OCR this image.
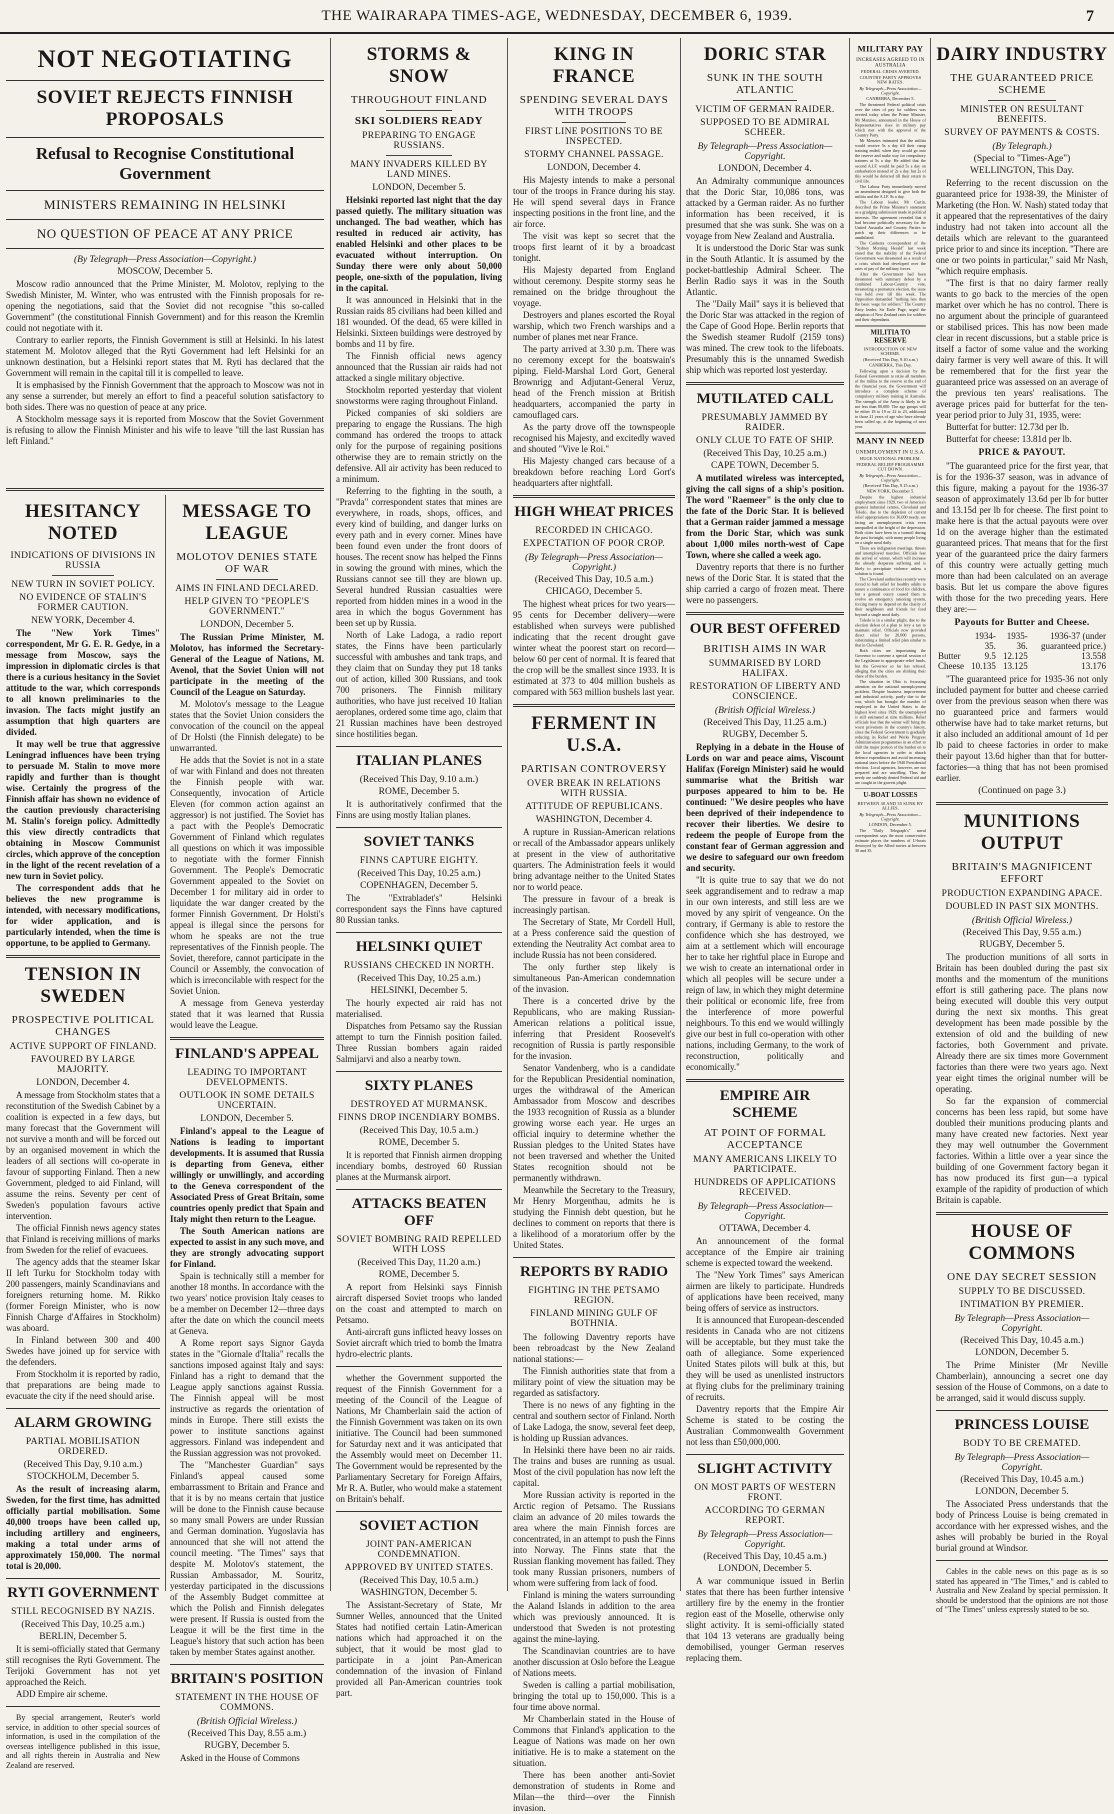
THE WAIRARAPA TIMES-AGE, WEDNESDAY, DECEMBER 6, 1939.	7
NOT NEGOTIATING
SOVIET REJECTS FINNISH PROPOSALS
Refusal to Recognise Constitutional Government
MINISTERS REMAINING IN HELSINKI
NO QUESTION OF PEACE AT ANY PRICE
(By Telegraph—Press Association—Copyright.)
MOSCOW, December 5.

Moscow radio announced that the Prime Minister, M. Molotov, replying to the Swedish Minister, M. Winter, who was entrusted with the Finnish proposals for re-opening the negotiations, said that the Soviet did not recognise "this so-called Government" (the constitutional Finnish Government) and for this reason the Kremlin could not negotiate with it.

Contrary to earlier reports, the Finnish Government is still at Helsinki. In his latest statement M. Molotov alleged that the Ryti Government had left Helsinki for an unknown destination, but a Helsinki report states that M. Ryti has declared that the Government will remain in the capital till it is compelled to leave.

It is emphasised by the Finnish Government that the approach to Moscow was not in any sense a surrender, but merely an effort to find a peaceful solution satisfactory to both sides. There was no question of peace at any price.

A Stockholm message says it is reported from Moscow that the Soviet Government is refusing to allow the Finnish Minister and his wife to leave "till the last Russian has left Finland."

HESITANCY NOTED
INDICATIONS OF DIVISIONS IN RUSSIA
NEW TURN IN SOVIET POLICY.
NO EVIDENCE OF STALIN'S FORMER CAUTION.
NEW YORK, December 4.

The "New York Times" correspondent, Mr G. E. R. Gedye, in a message from Moscow, says the impression in diplomatic circles is that there is a curious hesitancy in the Soviet attitude to the war, which corresponds to all known preliminaries to the invasion. The facts might justify an assumption that high quarters are divided.

It may well be true that aggressive Leningrad influences have been trying to persuade M. Stalin to move more rapidly and further than is thought wise. Certainly the progress of the Finnish affair has shown no evidence of the caution previously characterising M. Stalin's foreign policy. Admittedly this view directly contradicts that obtaining in Moscow Communist circles, which approve of the conception in the light of the recent revelation of a new turn in Soviet policy.

The correspondent adds that he believes the new programme is intended, with necessary modifications, for wider application, and is particularly intended, when the time is opportune, to be applied to Germany.

TENSION IN SWEDEN
PROSPECTIVE POLITICAL CHANGES
ACTIVE SUPPORT OF FINLAND.
FAVOURED BY LARGE MAJORITY.
LONDON, December 4.

A message from Stockholm states that a reconstitution of the Swedish Cabinet by a coalition is expected in a few days, but many forecast that the Government will not survive a month and will be forced out by an organised movement in which the leaders of all sections will co-operate in favour of supporting Finland. Then a new Government, pledged to aid Finland, will assume the reins. Seventy per cent of Sweden's population favours active intervention.

The official Finnish news agency states that Finland is receiving millions of marks from Sweden for the relief of evacuees.

The agency adds that the steamer Iskar II left Turku for Stockholm today with 200 passengers, mainly Scandinavians and foreigners returning home. M. Rikko (former Foreign Minister, who is now Finnish Charge d'Affaires in Stockholm) was aboard.

In Finland between 300 and 400 Swedes have joined up for service with the defenders.

From Stockholm it is reported by radio, that preparations are being made to evacuate the city if the need should arise.

ALARM GROWING
PARTIAL MOBILISATION ORDERED.
(Received This Day, 9.10 a.m.)
STOCKHOLM, December 5.

As the result of increasing alarm, Sweden, for the first time, has admitted officially partial mobilisation. Some 40,000 troops have been called up, including artillery and engineers, making a total under arms of approximately 150,000. The normal total is 20,000.

RYTI GOVERNMENT
STILL RECOGNISED BY NAZIS.
(Received This Day, 10.25 a.m.)
BERLIN, December 5.

It is semi-officially stated that Germany still recognises the Ryti Government. The Terijoki Government has not yet approached the Reich.

ADD Empire air scheme.

By special arrangement, Reuter's world service, in addition to other special sources of information, is used in the compilation of the overseas intelligence published in this issue, and all rights therein in Australia and New Zealand are reserved.

MESSAGE TO LEAGUE
MOLOTOV DENIES STATE OF WAR
AIMS IN FINLAND DECLARED.
HELP GIVEN TO "PEOPLE'S GOVERNMENT."
LONDON, December 5.

The Russian Prime Minister, M. Molotov, has informed the Secretary-General of the League of Nations, M. Avenol, that the Soviet Union will not participate in the meeting of the Council of the League on Saturday.

M. Molotov's message to the League states that the Soviet Union considers the convocation of the council on the appeal of Dr Holsti (the Finnish delegate) to be unwarranted.

He adds that the Soviet is not in a state of war with Finland and does not threaten the Finnish people with war. Consequently, invocation of Article Eleven (for common action against an aggressor) is not justified. The Soviet has a pact with the People's Democratic Government of Finland which regulates all questions on which it was impossible to negotiate with the former Finnish Government. The People's Democratic Government appealed to the Soviet on December 1 for military aid in order to liquidate the war danger created by the former Finnish Government. Dr Holsti's appeal is illegal since the persons for whom he speaks are not the true representatives of the Finnish people. The Soviet, therefore, cannot participate in the Council or Assembly, the convocation of which is irreconcilable with respect for the Soviet Union.

A message from Geneva yesterday stated that it was learned that Russia would leave the League.

FINLAND'S APPEAL
LEADING TO IMPORTANT DEVELOPMENTS.
OUTLOOK IN SOME DETAILS UNCERTAIN.
LONDON, December 5.

Finland's appeal to the League of Nations is leading to important developments. It is assumed that Russia is departing from Geneva, either willingly or unwillingly, and according to the Geneva correspondent of the Associated Press of Great Britain, some countries openly predict that Spain and Italy might then return to the League.

The South American nations are expected to assist in any such move, and they are strongly advocating support for Finland.

Spain is technically still a member for another 18 months. In accordance with the two years' notice provision Italy ceases to be a member on December 12—three days after the date on which the council meets at Geneva.

A Rome report says Signor Gayda states in the "Giornale d'Italia" recalls the sanctions imposed against Italy and says: Finland has a right to demand that the League apply sanctions against Russia. The Finnish appeal will be most instructive as regards the orientation of minds in Europe. There still exists the power to institute sanctions against aggressors. Finland was independent and the Russian aggression was not provoked.

The "Manchester Guardian" says Finland's appeal caused some embarrassment to Britain and France and that it is by no means certain that justice will be done to the Finnish cause because so many small Powers are under Russian and German domination. Yugoslavia has announced that she will not attend the council meeting. "The Times" says that despite M. Molotov's statement, the Russian Ambassador, M. Souritz, yesterday participated in the discussions of the Assembly Budget committee at which the Polish and Finnish delegates were present. If Russia is ousted from the League it will be the first time in the League's history that such action has been taken by member States against another.

BRITAIN'S POSITION
STATEMENT IN THE HOUSE OF COMMONS.
(British Official Wireless.)
(Received This Day, 8.55 a.m.)
RUGBY, December 5.

Asked in the House of Commons

STORMS & SNOW
THROUGHOUT FINLAND
SKI SOLDIERS READY
PREPARING TO ENGAGE RUSSIANS.
MANY INVADERS KILLED BY LAND MINES.
LONDON, December 5.

Helsinki reported last night that the day passed quietly. The military situation was unchanged. The bad weather, which has resulted in reduced air activity, has enabled Helsinki and other places to be evacuated without interruption. On Sunday there were only about 50,000 people, one-sixth of the population, living in the capital.

It was announced in Helsinki that in the Russian raids 85 civilians had been killed and 181 wounded. Of the dead, 65 were killed in Helsinki. Sixteen buildings were destroyed by bombs and 11 by fire.

The Finnish official news agency announced that the Russian air raids had not attacked a single military objective.

Stockholm reported yesterday that violent snowstorms were raging throughout Finland.

Picked companies of ski soldiers are preparing to engage the Russians. The high command has ordered the troops to attack only for the purpose of regaining positions otherwise they are to remain strictly on the defensive. All air activity has been reduced to a minimum.

Referring to the fighting in the south, a "Pravda" correspondent states that mines are everywhere, in roads, shops, offices, and every kind of building, and danger lurks on every path and in every corner. Mines have been found even under the front doors of houses. The recent snow has helped the Finns in sowing the ground with mines, which the Russians cannot see till they are blown up. Several hundred Russian casualties were reported from hidden mines in a wood in the area in which the bogus Government has been set up by Russia.

North of Lake Ladoga, a radio report states, the Finns have been particularly successful with ambushes and tank traps, and they claim that on Sunday they put 18 tanks out of action, killed 300 Russians, and took 700 prisoners. The Finnish military authorities, who have just received 10 Italian aeroplanes, ordered some time ago, claim that 21 Russian machines have been destroyed since hostilities began.

ITALIAN PLANES
(Received This Day, 9.10 a.m.)
ROME, December 5.

It is authoritatively confirmed that the Finns are using mostly Italian planes.

SOVIET TANKS
FINNS CAPTURE EIGHTY.
(Received This Day, 10.25 a.m.)
COPENHAGEN, December 5.

The "Extrabladet's" Helsinki correspondent says the Finns have captured 80 Russian tanks.

HELSINKI QUIET
RUSSIANS CHECKED IN NORTH.
(Received This Day, 10.25 a.m.)
HELSINKI, December 5.

The hourly expected air raid has not materialised.

Dispatches from Petsamo say the Russian attempt to turn the Finnish position failed. Three Russian bombers again raided Salmijarvi and also a nearby town.

SIXTY PLANES
DESTROYED AT MURMANSK.
FINNS DROP INCENDIARY BOMBS.
(Received This Day, 10.5 a.m.)
ROME, December 5.

It is reported that Finnish airmen dropping incendiary bombs, destroyed 60 Russian planes at the Murmansk airport.

ATTACKS BEATEN OFF
SOVIET BOMBING RAID REPELLED WITH LOSS
(Received This Day, 11.20 a.m.)
ROME, December 5.

A report from Helsinki says Finnish aircraft dispersed Soviet troops who landed on the coast and attempted to march on Petsamo.

Anti-aircraft guns inflicted heavy losses on Soviet aircraft which tried to bomb the Imatra hydro-electric plants.

whether the Government supported the request of the Finnish Government for a meeting of the Council of the League of Nations, Mr Chamberlain said the action of the Finnish Government was taken on its own initiative. The Council had been summoned for Saturday next and it was anticipated that the Assembly would meet on December 11. The Government would be represented by the Parliamentary Secretary for Foreign Affairs, Mr R. A. Butler, who would make a statement on Britain's behalf.

SOVIET ACTION
JOINT PAN-AMERICAN CONDEMNATION.
APPROVED BY UNITED STATES.
(Received This Day, 10.5 a.m.)
WASHINGTON, December 5.

The Assistant-Secretary of State, Mr Sumner Welles, announced that the United States had notified certain Latin-American nations which had approached it on the subject, that it would be most glad to participate in a joint Pan-American condemnation of the invasion of Finland provided all Pan-American countries took part.

KING IN FRANCE
SPENDING SEVERAL DAYS WITH TROOPS
FIRST LINE POSITIONS TO BE INSPECTED.
STORMY CHANNEL PASSAGE.
LONDON, December 4.

His Majesty intends to make a personal tour of the troops in France during his stay. He will spend several days in France inspecting positions in the front line, and the air force.

The visit was kept so secret that the troops first learnt of it by a broadcast tonight.

His Majesty departed from England without ceremony. Despite stormy seas he remained on the bridge throughout the voyage.

Destroyers and planes escorted the Royal warship, which two French warships and a number of planes met near France.

The party arrived at 3.30 p.m. There was no ceremony except for the boatswain's piping. Field-Marshal Lord Gort, General Brownrigg and Adjutant-General Veruz, head of the French mission at British headquarters, accompanied the party in camouflaged cars.

As the party drove off the townspeople recognised his Majesty, and excitedly waved and shouted "Vive le Roi."

His Majesty changed cars because of a breakdown before reaching Lord Gort's headquarters after nightfall.

HIGH WHEAT PRICES
RECORDED IN CHICAGO.
EXPECTATION OF POOR CROP.
(By Telegraph—Press Association—Copyright.)
(Received This Day, 10.5 a.m.)
CHICAGO, December 5.

The highest wheat prices for two years—95 cents for December delivery—were established when surveys were published indicating that the recent drought gave winter wheat the poorest start on record—below 60 per cent of normal. It is feared that the crop will be the smallest since 1933. It is estimated at 373 to 404 million bushels as compared with 563 million bushels last year.

FERMENT IN U.S.A.
PARTISAN CONTROVERSY
OVER BREAK IN RELATIONS WITH RUSSIA.
ATTITUDE OF REPUBLICANS.
WASHINGTON, December 4.

A rupture in Russian-American relations or recall of the Ambassador appears unlikely at present in the view of authoritative quarters. The Administration feels it would bring advantage neither to the United States nor to world peace.

The pressure in favour of a break is increasingly partisan.

The Secretary of State, Mr Cordell Hull, at a Press conference said the question of extending the Neutrality Act combat area to include Russia has not been considered.

The only further step likely is simultaneous Pan-American condemnation of the invasion.

There is a concerted drive by the Republicans, who are making Russian-American relations a political issue, inferring that President Roosevelt's recognition of Russia is partly responsible for the invasion.

Senator Vandenberg, who is a candidate for the Republican Presidential nomination, urges the withdrawal of the American Ambassador from Moscow and describes the 1933 recognition of Russia as a blunder growing worse each year. He urges an official inquiry to determine whether the Russian pledges to the United States have not been traversed and whether the United States recognition should not be permanently withdrawn.

Meanwhile the Secretary to the Treasury, Mr Henry Morgenthau, admits he is studying the Finnish debt question, but he declines to comment on reports that there is a likelihood of a moratorium offer by the United States.

REPORTS BY RADIO
FIGHTING IN THE PETSAMO REGION.
FINLAND MINING GULF OF BOTHNIA.

The following Daventry reports have been rebroadcast by the New Zealand national stations:—

The Finnish authorities state that from a military point of view the situation may be regarded as satisfactory.

There is no news of any fighting in the central and southern sector of Finland. North of Lake Ladoga, the snow, several feet deep, is holding up Russian advances.

In Helsinki there have been no air raids. The trains and buses are running as usual. Most of the civil population has now left the capital.

More Russian activity is reported in the Arctic region of Petsamo. The Russians claim an advance of 20 miles towards the area where the main Finnish forces are concentrated, in an attempt to push the Finns into Norway. The Finns state that the Russian flanking movement has failed. They took many Russian prisoners, numbers of whom were suffering from lack of food.

Finland is mining the waters surrounding the Aaland Islands in addition to the area which was previously announced. It is understood that Sweden is not protesting against the mine-laying.

The Scandinavian countries are to have another discussion at Oslo before the League of Nations meets.

Sweden is calling a partial mobilisation, bringing the total up to 150,000. This is a four time above normal.

Mr Chamberlain stated in the House of Commons that Finland's application to the League of Nations was made on her own initiative. He is to make a statement on the situation.

There has been another anti-Soviet demonstration of students in Rome and Milan—the third—over the Finnish invasion.

DORIC STAR
SUNK IN THE SOUTH ATLANTIC
VICTIM OF GERMAN RAIDER.
SUPPOSED TO BE ADMIRAL SCHEER.
By Telegraph—Press Association—Copyright.
LONDON, December 4.

An Admiralty communique announces that the Doric Star, 10,086 tons, was attacked by a German raider. As no further information has been received, it is presumed that she was sunk. She was on a voyage from New Zealand and Australia.

It is understood the Doric Star was sunk in the South Atlantic. It is assumed by the pocket-battleship Admiral Scheer. The Berlin Radio says it was in the South Atlantic.

The "Daily Mail" says it is believed that the Doric Star was attacked in the region of the Cape of Good Hope. Berlin reports that the Swedish steamer Rudolf (2159 tons) was mined. The crew took to the lifeboats. Presumably this is the unnamed Swedish ship which was reported lost yesterday.

MUTILATED CALL
PRESUMABLY JAMMED BY RAIDER.
ONLY CLUE TO FATE OF SHIP.
(Received This Day, 10.25 a.m.)
CAPE TOWN, December 5.

A mutilated wireless was intercepted, giving the call signs of a ship's position. The word "Raemeer" is the only clue to the fate of the Doric Star. It is believed that a German raider jammed a message from the Doric Star, which was sunk about 1,000 miles north-west of Cape Town, where she called a week ago.

Daventry reports that there is no further news of the Doric Star. It is stated that the ship carried a cargo of frozen meat. There were no passengers.

OUR BEST OFFERED
BRITISH AIMS IN WAR
SUMMARISED BY LORD HALIFAX.
RESTORATION OF LIBERTY AND CONSCIENCE.
(British Official Wireless.)
(Received This Day, 11.25 a.m.)
RUGBY, December 5.

Replying in a debate in the House of Lords on war and peace aims, Viscount Halifax (Foreign Minister) said he would summarise what the British war purposes appeared to him to be. He continued: "We desire peoples who have been deprived of their independence to recover their liberties. We desire to redeem the people of Europe from the constant fear of German aggression and we desire to safeguard our own freedom and security.

"It is quite true to say that we do not seek aggrandisement and to redraw a map in our own interests, and still less are we moved by any spirit of vengeance. On the contrary, if Germany is able to restore the confidence which she has destroyed, we aim at a settlement which will encourage her to take her rightful place in Europe and we wish to create an international order in which all peoples will be secure under a reign of law, in which they might determine their political or economic life, free from the interference of more powerful neighbours. To this end we would willingly give our best in full co-operation with other nations, including Germany, to the work of reconstruction, politically and economically."

EMPIRE AIR SCHEME
AT POINT OF FORMAL ACCEPTANCE
MANY AMERICANS LIKELY TO PARTICIPATE.
HUNDREDS OF APPLICATIONS RECEIVED.
By Telegraph—Press Association—Copyright.
OTTAWA, December 4.

An announcement of the formal acceptance of the Empire air training scheme is expected toward the weekend.

The "New York Times" says American airmen are likely to participate. Hundreds of applications have been received, many being offers of service as instructors.

It is announced that European-descended residents in Canada who are not citizens will be acceptable, but they must take the oath of allegiance. Some experienced United States pilots will bulk at this, but they will be used as unenlisted instructors at flying clubs for the preliminary training of recruits.

Daventry reports that the Empire Air Scheme is stated to be costing the Australian Commonwealth Government not less than £50,000,000.

SLIGHT ACTIVITY
ON MOST PARTS OF WESTERN FRONT.
ACCORDING TO GERMAN REPORT.
By Telegraph—Press Association—Copyright.
(Received This Day, 10.45 a.m.)
LONDON, December 5.

A war communique issued in Berlin states that there has been further intensive artillery fire by the enemy in the frontier region east of the Moselle, otherwise only slight activity. It is semi-officially stated that 104 13 veterans are gradually being demobilised, younger German reserves replacing them.

DAIRY INDUSTRY
THE GUARANTEED PRICE SCHEME
MINISTER ON RESULTANT BENEFITS.
SURVEY OF PAYMENTS & COSTS.
(By Telegraph.)
(Special to "Times-Age")
WELLINGTON, This Day.

Referring to the recent discussion on the guaranteed price for 1938-39, the Minister of Marketing (the Hon. W. Nash) stated today that it appeared that the representatives of the dairy industry had not taken into account all the details which are relevant to the guaranteed price prior to and since its inception. "There are one or two points in particular," said Mr Nash, "which require emphasis.

"The first is that no dairy farmer really wants to go back to the mercies of the open market over which he has no control. There is no argument about the principle of guaranteed or stabilised prices. This has now been made clear in recent discussions, but a stable price is itself a factor of some value and the working dairy farmer is very well aware of this. It will be remembered that for the first year the guaranteed price was assessed on an average of the previous ten years' realisations. The average prices paid for butterfat for the ten-year period prior to July 31, 1935, were:

Butterfat for butter: 12.73d per lb.

Butterfat for cheese: 13.81d per lb.

PRICE & PAYOUT.

"The guaranteed price for the first year, that is for the 1936-37 season, was in advance of this figure, making a payout for the 1936-37 season of approximately 13.6d per lb for butter and 13.15d per lb for cheese. The first point to make here is that the actual payouts were over 1d on the average higher than the estimated guaranteed prices. That means that for the first year of the guaranteed price the dairy farmers of this country were actually getting much more than had been calculated on an average basis. But let us compare the above figures with those for the two preceding years. Here they are:—

Payouts for Butter and Cheese.
	1934-35.	1935-36.	1936-37 (under guaranteed price.)
Butter	9.5	12.125	13.558
Cheese	10.135	13.125	13.176

"The guaranteed price for 1935-36 not only included payment for butter and cheese carried over from the previous season when there was no guaranteed price and farmers would otherwise have had to take market returns, but it also included an additional amount of 1d per lb paid to cheese factories in order to make their payout 13.6d higher than that for butter-factories—a thing that has not been promised earlier.

(Continued on page 3.)
MUNITIONS OUTPUT
BRITAIN'S MAGNIFICENT EFFORT
PRODUCTION EXPANDING APACE.
DOUBLED IN PAST SIX MONTHS.
(British Official Wireless.)
(Received This Day, 9.55 a.m.)
RUGBY, December 5.

The production munitions of all sorts in Britain has been doubled during the past six months and the momentum of the munitions effort is still gathering pace. The plans now being executed will double this very output during the next six months. This great development has been made possible by the extension of old and the building of new factories, both Government and private. Already there are six times more Government factories than there were two years ago. Next year eight times the original number will be operating.

So far the expansion of commercial concerns has been less rapid, but some have doubled their munitions producing plants and many have created new factories. Next year they may well outnumber the Government factories. Within a little over a year since the building of one Government factory began it has now produced its first gun—a typical example of the rapidity of production of which Britain is capable.

HOUSE OF COMMONS
ONE DAY SECRET SESSION
SUPPLY TO BE DISCUSSED.
INTIMATION BY PREMIER.
By Telegraph—Press Association—Copyright.
(Received This Day, 10.45 a.m.)
LONDON, December 5.

The Prime Minister (Mr Neville Chamberlain), announcing a secret one day session of the House of Commons, on a date to be arranged, said it would discuss supply.

PRINCESS LOUISE
BODY TO BE CREMATED.
By Telegraph—Press Association—Copyright.
(Received This Day, 10.45 a.m.)
LONDON, December 5.

The Associated Press understands that the body of Princess Louise is being cremated in accordance with her expressed wishes, and the ashes will probably be buried in the Royal burial ground at Windsor.

Cables in the cable news on this page as is so stated has appeared in "The Times," and is cabled to Australia and New Zealand by special permission. It should be understood that the opinions are not those of "The Times" unless expressly stated to be so.

MILITARY PAY
INCREASES AGREED TO IN AUSTRALIA
FEDERAL CRISIS AVERTED.
COUNTRY PARTY APPROVES NEW RATES.
By Telegraph—Press Association—Copyright.
CANBERRA, December 5.

The threatened Federal political crisis over the rates of pay for soldiers was averted today when the Prime Minister, Mr Menzies, announced in the House of Representatives rises in military pay which met with the approval of the Country Party.

Mr Menzies intimated that the militia would receive 5s a day till their camp training ended, when they would go into the reserve and make way for compulsory trainees at 5s a day. He added that the second A.I.F. would be paid 5s a day on embarkation instead of 2s a day, but 2s of this would be deferred till their return to civil life.

The Labour Party immediately moved an amendment designed to give both the militia and the A.I.F. 8s a day.

The Labour leader, Mr Curtin, described the Prime Minister's statement as a grudging submission made in political interests. The agreement revealed that it had become politically necessary for the United Australia and Country Parties to patch up their differences or be annihilated.

The Canberra correspondent of the "Sydney Morning Herald" last week stated that the stability of the Federal Government was threatened as a result of a crisis which had developed over the rates of pay of the military forces.

After the Government had been threatened with summary defeat by a combined Labour-Country vote, threatening a premature election, the issue was held over till this week. The Opposition demanded "nothing less than the basic wage for soldiers." The Country Party leader, Sir Earle Page, urged the adoption of New Zealand rates for soldiers and their dependants.

MILITIA TO RESERVE
INTRODUCTION OF NEW SCHEME.
(Received This Day, 9.10 a.m.)
CANBERRA, This Day.

Following upon a decision by the Federal Government to retire all members of the militia to the reserve at the end of the financial year, the Government will introduce a complete scheme of compulsory military training in Australia. The strength of the Army is likely to be not less than 80,000. The age groups will be either 18 to 19 or 22 to 23, additional to those 21 years of age who have already been called up, at the beginning of next year.

MANY IN NEED
UNEMPLOYMENT IN U.S.A.
HUGE NATIONAL PROBLEM.
FEDERAL RELIEF PROGRAMME CUT DOWN.
By Telegraph—Press Association—Copyright.
(Received This Day, 9.15 a.m.)
NEW YORK, December 5.

Despite the highest industrial employment since 1929, two of America's greatest industrial centres, Cleveland and Toledo, due to the depletion of current relief appropriations for 36,000 needy, are facing an unemployment crisis even unequalled at the height of the depression. Both cities have been in a turmoil during the past fortnight, with many people living on a single meal daily.

There are indignation meetings, threats and unemployed marches. Officials fear the arrival of winter, which will increase the already desperate suffering and is likely to precipitate violence unless a solution is found.

The Cleveland authorities recently were forced to halt relief for healthy adults to assure a continuance of food for children, but a general outcry caused them to evolve an emergency rationing system, forcing many to depend on the charity of their neighbours and friends for food beyond a single meal daily.

Toledo is in a similar plight, due to the election defeat of a plan to levy a tax to maintain relief. Officials now provided direct relief for 20,000 persons, substituting a limited relief plan similar to that in Cleveland.

Both cities are importuning the Governor to convene a special session of the Legislature to appropriate relief funds, but the Governor so far has refused, alleging that the cities are shirking their share of the burden.

The situation in Ohio is focussing attention on the national unemployment problem. Despite business improvement and industrial activity, partly due to the war, which has brought the number of employed in the United States to the highest level since 1929, the unemployed is still estimated at nine millions. Relief officials fear that the winter will bring the worst privations in the country's history, since the Federal Government is gradually reducing its Relief and Works Progress Administration programmes in an effort to shift the major portion of the burden on to the local agencies in order to absorb defence expenditures and avoid increasing national taxes before the 1940 Presidential election. Local agencies, however, are not prepared and are unwilling. Thus the needy are suddenly denied Federal aid and are caught in the gravest plight.

U-BOAT LOSSES
BETWEEN 30 AND 35 SUNK BY ALLIES.
By Telegraph—Press Association—Copyright.
LONDON, December 5.

The "Daily Telegraph's" naval correspondent says the most conservative estimate places the numbers of U-boats destroyed by the Allied navies at between 30 and 35.
